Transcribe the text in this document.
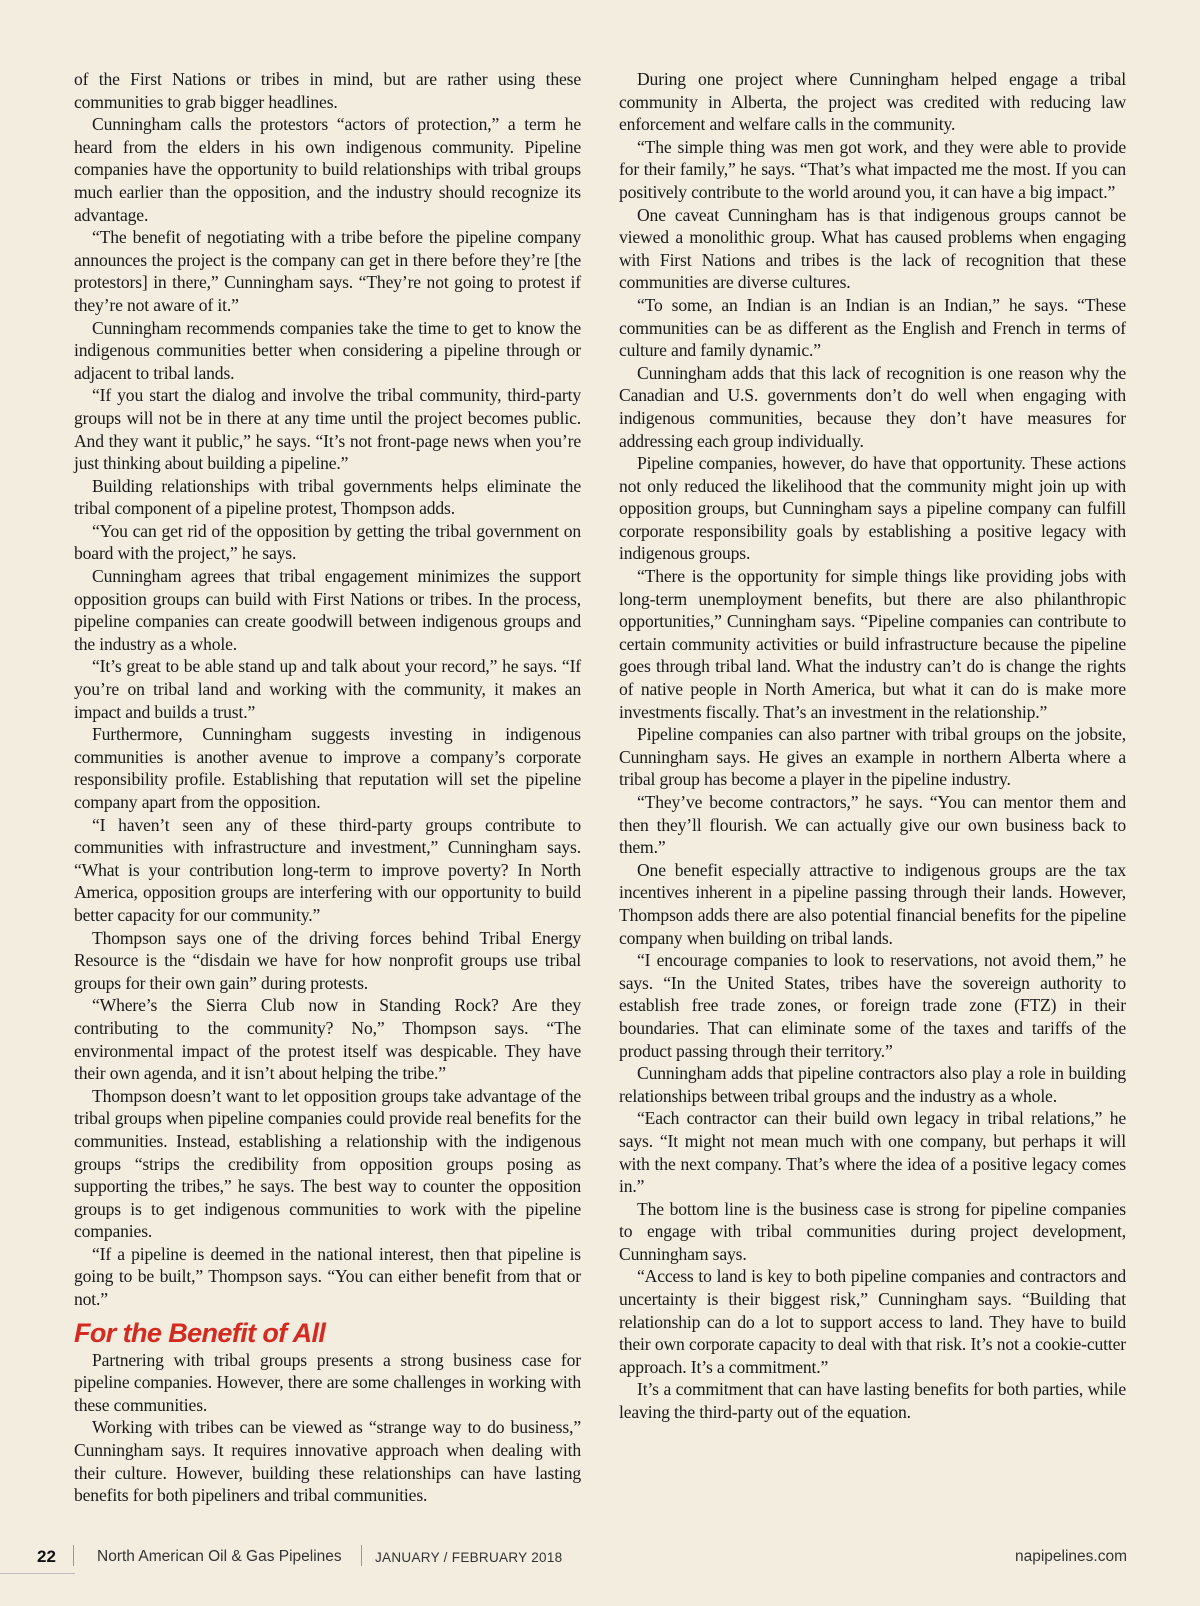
of the First Nations or tribes in mind, but are rather using these communities to grab bigger headlines.

Cunningham calls the protestors “actors of protection,” a term he heard from the elders in his own indigenous community. Pipeline companies have the opportunity to build relationships with tribal groups much earlier than the opposition, and the industry should recognize its advantage.

“The benefit of negotiating with a tribe before the pipeline company announces the project is the company can get in there before they’re [the protestors] in there,” Cunningham says. “They’re not going to protest if they’re not aware of it.”

Cunningham recommends companies take the time to get to know the indigenous communities better when considering a pipeline through or adjacent to tribal lands.

“If you start the dialog and involve the tribal community, third-party groups will not be in there at any time until the project becomes public. And they want it public,” he says. “It’s not front-page news when you’re just thinking about building a pipeline.”

Building relationships with tribal governments helps eliminate the tribal component of a pipeline protest, Thompson adds.

“You can get rid of the opposition by getting the tribal government on board with the project,” he says.

Cunningham agrees that tribal engagement minimizes the support opposition groups can build with First Nations or tribes. In the process, pipeline companies can create goodwill between indigenous groups and the industry as a whole.

“It’s great to be able stand up and talk about your record,” he says. “If you’re on tribal land and working with the community, it makes an impact and builds a trust.”

Furthermore, Cunningham suggests investing in indigenous communities is another avenue to improve a company’s corporate responsibility profile. Establishing that reputation will set the pipeline company apart from the opposition.

“I haven’t seen any of these third-party groups contribute to communities with infrastructure and investment,” Cunningham says. “What is your contribution long-term to improve poverty? In North America, opposition groups are interfering with our opportunity to build better capacity for our community.”

Thompson says one of the driving forces behind Tribal Energy Resource is the “disdain we have for how nonprofit groups use tribal groups for their own gain” during protests.

“Where’s the Sierra Club now in Standing Rock? Are they contributing to the community? No,” Thompson says. “The environmental impact of the protest itself was despicable. They have their own agenda, and it isn’t about helping the tribe.”

Thompson doesn’t want to let opposition groups take advantage of the tribal groups when pipeline companies could provide real benefits for the communities. Instead, establishing a relationship with the indigenous groups “strips the credibility from opposition groups posing as supporting the tribes,” he says. The best way to counter the opposition groups is to get indigenous communities to work with the pipeline companies.

“If a pipeline is deemed in the national interest, then that pipeline is going to be built,” Thompson says. “You can either benefit from that or not.”

For the Benefit of All

Partnering with tribal groups presents a strong business case for pipeline companies. However, there are some challenges in working with these communities.

Working with tribes can be viewed as “strange way to do business,” Cunningham says. It requires innovative approach when dealing with their culture. However, building these relationships can have lasting benefits for both pipeliners and tribal communities.

During one project where Cunningham helped engage a tribal community in Alberta, the project was credited with reducing law enforcement and welfare calls in the community.

“The simple thing was men got work, and they were able to provide for their family,” he says. “That’s what impacted me the most. If you can positively contribute to the world around you, it can have a big impact.”

One caveat Cunningham has is that indigenous groups cannot be viewed a monolithic group. What has caused problems when engaging with First Nations and tribes is the lack of recognition that these communities are diverse cultures.

“To some, an Indian is an Indian is an Indian,” he says. “These communities can be as different as the English and French in terms of culture and family dynamic.”

Cunningham adds that this lack of recognition is one reason why the Canadian and U.S. governments don’t do well when engaging with indigenous communities, because they don’t have measures for addressing each group individually.

Pipeline companies, however, do have that opportunity. These actions not only reduced the likelihood that the community might join up with opposition groups, but Cunningham says a pipeline company can fulfill corporate responsibility goals by establishing a positive legacy with indigenous groups.

“There is the opportunity for simple things like providing jobs with long-term unemployment benefits, but there are also philanthropic opportunities,” Cunningham says. “Pipeline companies can contribute to certain community activities or build infrastructure because the pipeline goes through tribal land. What the industry can’t do is change the rights of native people in North America, but what it can do is make more investments fiscally. That’s an investment in the relationship.”

Pipeline companies can also partner with tribal groups on the jobsite, Cunningham says. He gives an example in northern Alberta where a tribal group has become a player in the pipeline industry.

“They’ve become contractors,” he says. “You can mentor them and then they’ll flourish. We can actually give our own business back to them.”

One benefit especially attractive to indigenous groups are the tax incentives inherent in a pipeline passing through their lands. However, Thompson adds there are also potential financial benefits for the pipeline company when building on tribal lands.

“I encourage companies to look to reservations, not avoid them,” he says. “In the United States, tribes have the sovereign authority to establish free trade zones, or foreign trade zone (FTZ) in their boundaries. That can eliminate some of the taxes and tariffs of the product passing through their territory.”

Cunningham adds that pipeline contractors also play a role in building relationships between tribal groups and the industry as a whole.

“Each contractor can their build own legacy in tribal relations,” he says. “It might not mean much with one company, but perhaps it will with the next company. That’s where the idea of a positive legacy comes in.”

The bottom line is the business case is strong for pipeline companies to engage with tribal communities during project development, Cunningham says.

“Access to land is key to both pipeline companies and contractors and uncertainty is their biggest risk,” Cunningham says. “Building that relationship can do a lot to support access to land. They have to build their own corporate capacity to deal with that risk. It’s not a cookie-cutter approach. It’s a commitment.”

It’s a commitment that can have lasting benefits for both parties, while leaving the third-party out of the equation.

22	North American Oil & Gas Pipelines JANUARY / FEBRUARY 2018	napipelines.com
